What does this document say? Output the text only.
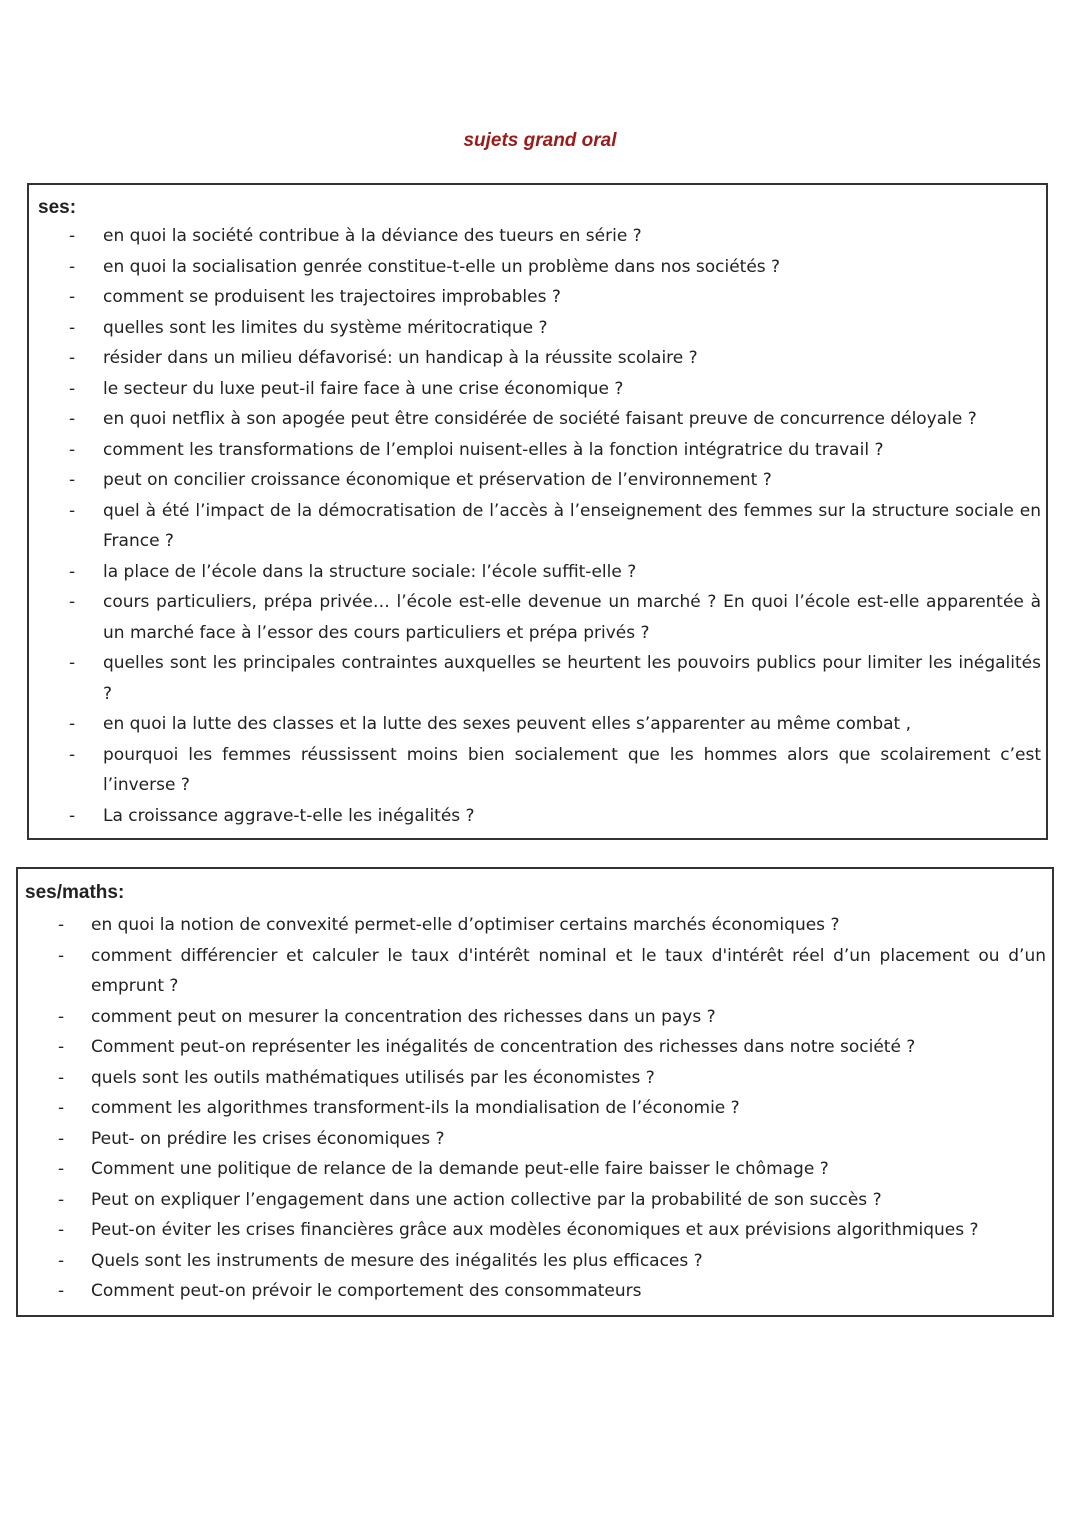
sujets grand oral
ses:
- en quoi la société contribue à la déviance des tueurs en série ?
- en quoi la socialisation genrée constitue-t-elle un problème dans nos sociétés ?
- comment se produisent les trajectoires improbables ?
- quelles sont les limites du système méritocratique ?
- résider dans un milieu défavorisé: un handicap à la réussite scolaire ?
- le secteur du luxe peut-il faire face à une crise économique ?
- en quoi netflix à son apogée peut être considérée de société faisant preuve de concurrence déloyale ?
- comment les transformations de l’emploi nuisent-elles à la fonction intégratrice du travail ?
- peut on concilier croissance économique et préservation de l’environnement ?
- quel à été l’impact de la démocratisation de l’accès à l’enseignement des femmes sur la structure sociale en France ?
- la place de l’école dans la structure sociale: l’école suffit-elle ?
- cours particuliers, prépa privée… l’école est-elle devenue un marché ? En quoi l’école est-elle apparentée à un marché face à l’essor des cours particuliers et prépa privés ?
- quelles sont les principales contraintes auxquelles se heurtent les pouvoirs publics pour limiter les inégalités ?
- en quoi la lutte des classes et la lutte des sexes peuvent elles s’apparenter au même combat ,
- pourquoi les femmes réussissent moins bien socialement que les hommes alors que scolairement c’est l’inverse ?
- La croissance aggrave-t-elle les inégalités ?
ses/maths:
- en quoi la notion de convexité permet-elle d’optimiser certains marchés économiques ?
- comment différencier et calculer le taux d'intérêt nominal et le taux d'intérêt réel d’un placement ou d’un emprunt ?
- comment peut on mesurer la concentration des richesses dans un pays ?
- Comment peut-on représenter les inégalités de concentration des richesses dans notre société ?
- quels sont les outils mathématiques utilisés par les économistes ?
- comment les algorithmes transforment-ils la mondialisation de l’économie ?
- Peut- on prédire les crises économiques ?
- Comment une politique de relance de la demande peut-elle faire baisser le chômage ?
- Peut on expliquer l’engagement dans une action collective par la probabilité de son succès ?
- Peut-on éviter les crises financières grâce aux modèles économiques et aux prévisions algorithmiques ?
- Quels sont les instruments de mesure des inégalités les plus efficaces ?
- Comment peut-on prévoir le comportement des consommateurs
